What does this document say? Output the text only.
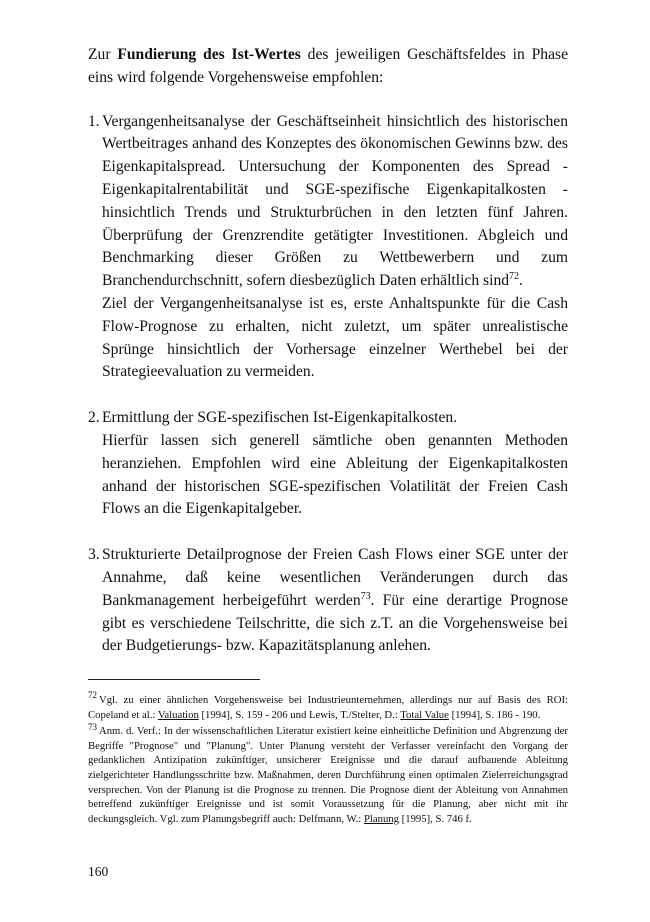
Zur Fundierung des Ist-Wertes des jeweiligen Geschäftsfeldes in Phase eins wird folgende Vorgehensweise empfohlen:

1. Vergangenheitsanalyse der Geschäftseinheit hinsichtlich des historischen Wertbeitrages anhand des Konzeptes des ökonomischen Gewinns bzw. des Eigenkapitalspread. Untersuchung der Komponenten des Spread - Eigenkapitalrentabilität und SGE-spezifische Eigenkapitalkosten - hinsichtlich Trends und Strukturbrüchen in den letzten fünf Jahren. Überprüfung der Grenzrendite getätigter Investitionen. Abgleich und Benchmarking dieser Größen zu Wettbewerbern und zum Branchendurchschnitt, sofern diesbezüglich Daten erhältlich sind$^{72}$.

Ziel der Vergangenheitsanalyse ist es, erste Anhaltspunkte für die Cash Flow-Prognose zu erhalten, nicht zuletzt, um später unrealistische Sprünge hinsichtlich der Vorhersage einzelner Werthebel bei der Strategieevaluation zu vermeiden.

2. Ermittlung der SGE-spezifischen Ist-Eigenkapitalkosten.

Hierfür lassen sich generell sämtliche oben genannten Methoden heranziehen. Empfohlen wird eine Ableitung der Eigenkapitalkosten anhand der historischen SGE-spezifischen Volatilität der Freien Cash Flows an die Eigenkapitalgeber.

3. Strukturierte Detailprognose der Freien Cash Flows einer SGE unter der Annahme, daß keine wesentlichen Veränderungen durch das Bankmanagement herbeigeführt werden$^{73}$. Für eine derartige Prognose gibt es verschiedene Teilschritte, die sich z.T. an die Vorgehensweise bei der Budgetierungs- bzw. Kapazitätsplanung anlehen.

$^{72}$ Vgl. zu einer ähnlichen Vorgehensweise bei Industrieunternehmen, allerdings nur auf Basis des ROI: Copeland et al.: Valuation [1994], S. 159 - 206 und Lewis, T./Stelter, D.: Total Value [1994], S. 186 - 190.

$^{73}$ Anm. d. Verf.: In der wissenschaftlichen Literatur existiert keine einheitliche Definition und Abgrenzung der Begriffe "Prognose" und "Planung". Unter Planung versteht der Verfasser vereinfacht den Vorgang der gedanklichen Antizipation zukünftiger, unsicherer Ereignisse und die darauf aufbauende Ableitung zielgerichteter Handlungsschritte bzw. Maßnahmen, deren Durchführung einen optimalen Zielerreichungsgrad versprechen. Von der Planung ist die Prognose zu trennen. Die Prognose dient der Ableitung von Annahmen betreffend zukünftiger Ereignisse und ist somit Voraussetzung für die Planung, aber nicht mit ihr deckungsgleich. Vgl. zum Planungsbegriff auch: Delfmann, W.: Planung [1995], S. 746 f.

160
